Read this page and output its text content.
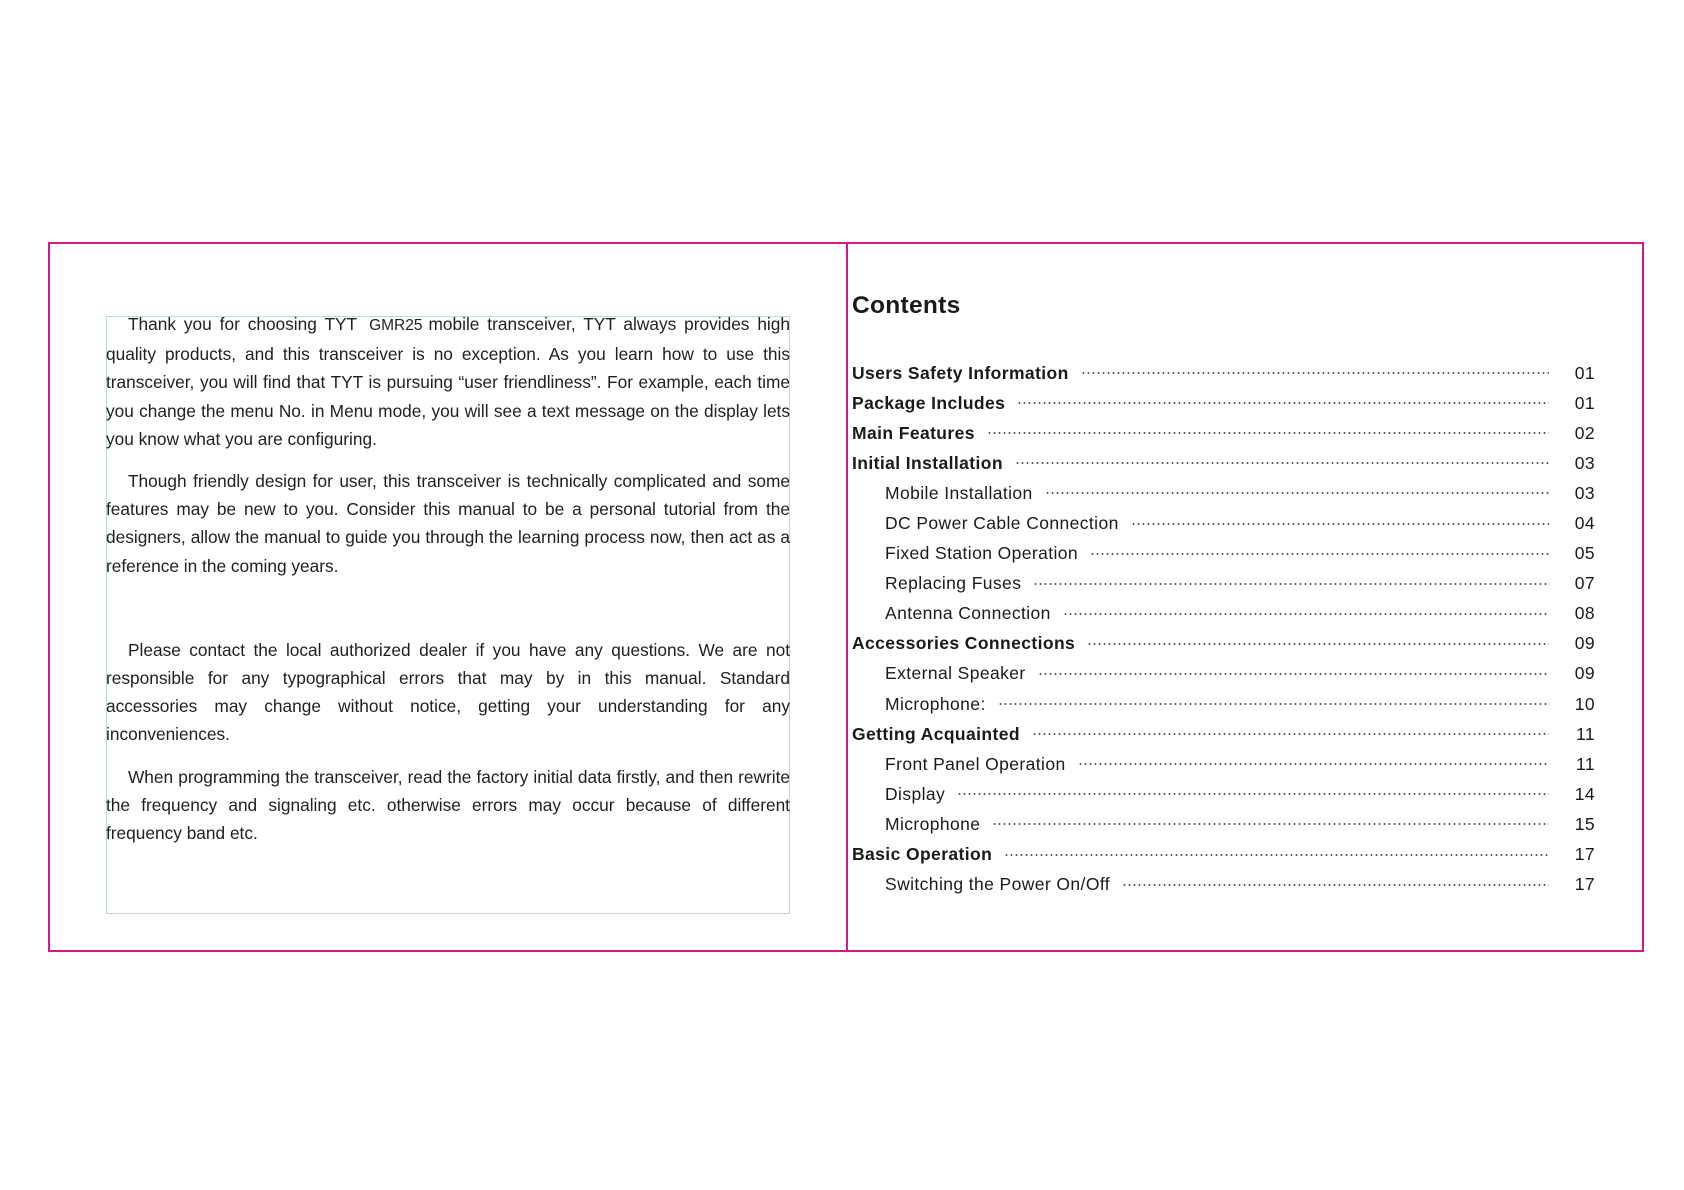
Thank you for choosing TYT GMR25 mobile transceiver, TYT always provides high quality products, and this transceiver is no exception. As you learn how to use this transceiver, you will find that TYT is pursuing “user friendliness”. For example, each time you change the menu No. in Menu mode, you will see a text message on the display lets you know what you are configuring.

Though friendly design for user, this transceiver is technically complicated and some features may be new to you. Consider this manual to be a personal tutorial from the designers, allow the manual to guide you through the learning process now, then act as a reference in the coming years.

Please contact the local authorized dealer if you have any questions. We are not responsible for any typographical errors that may by in this manual. Standard accessories may change without notice, getting your understanding for any inconveniences.

When programming the transceiver, read the factory initial data firstly, and then rewrite the frequency and signaling etc. otherwise errors may occur because of different frequency band etc.

Contents
Users Safety Information	01
Package Includes	01
Main Features	02
Initial Installation	03
Mobile Installation	03
DC Power Cable Connection	04
Fixed Station Operation	05
Replacing Fuses	07
Antenna Connection	08
Accessories Connections	09
External Speaker	09
Microphone:	10
Getting Acquainted	11
Front Panel Operation	11
Display	14
Microphone	15
Basic Operation	17
Switching the Power On/Off	17
